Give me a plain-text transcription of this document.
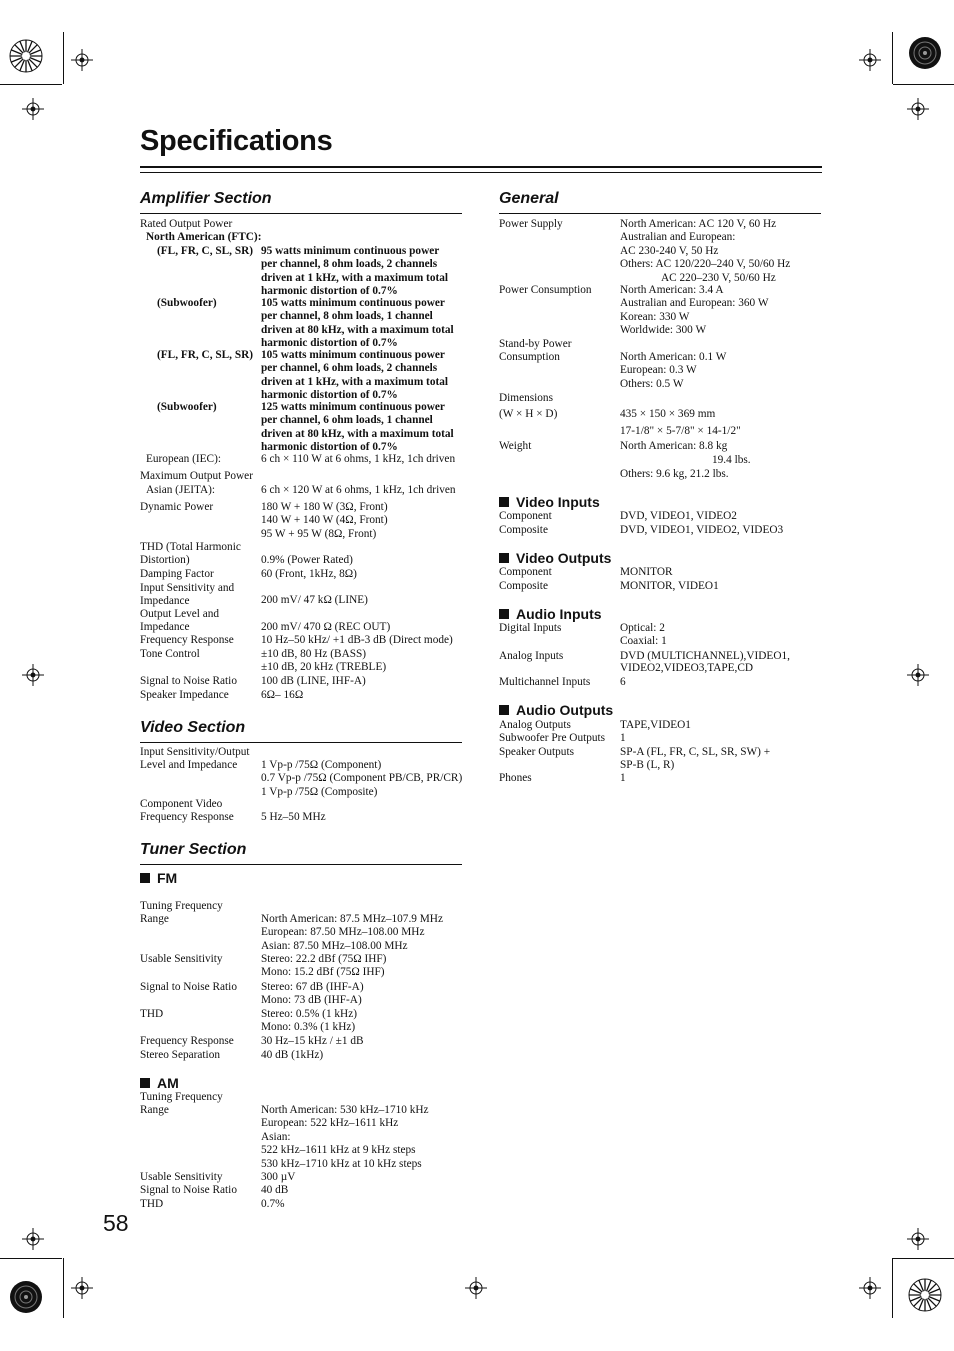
Specifications
Amplifier Section
Rated Output Power
North American (FTC):
(FL, FR, C, SL, SR) 95 watts minimum continuous power
per channel, 8 ohm loads, 2 channels
driven at 1 kHz, with a maximum total
harmonic distortion of 0.7%
(Subwoofer)	105 watts minimum continuous power
per channel, 8 ohm loads, 1 channel
driven at 80 kHz, with a maximum total
harmonic distortion of 0.7%
(FL, FR, C, SL, SR) 105 watts minimum continuous power
per channel, 6 ohm loads, 2 channels
driven at 1 kHz, with a maximum total
harmonic distortion of 0.7%
(Subwoofer)	125 watts minimum continuous power
per channel, 6 ohm loads, 1 channel
driven at 80 kHz, with a maximum total
harmonic distortion of 0.7%
European (IEC):	6 ch × 110 W at 6 ohms, 1 kHz, 1ch driven
Maximum Output Power
Asian (JEITA):	6 ch × 120 W at 6 ohms, 1 kHz, 1ch driven
Dynamic Power	180 W + 180 W (3Ω, Front)
140 W + 140 W (4Ω, Front)
95 W + 95 W (8Ω, Front)
THD (Total Harmonic
Distortion)	0.9% (Power Rated)
Damping Factor	60 (Front, 1kHz, 8Ω)
Input Sensitivity and
Impedance	200 mV/ 47 kΩ (LINE)
Output Level and
Impedance	200 mV/ 470 Ω (REC OUT)
Frequency Response 10 Hz–50 kHz/ +1 dB-3 dB (Direct mode)
Tone Control	±10 dB, 80 Hz (BASS)
±10 dB, 20 kHz (TREBLE)
Signal to Noise Ratio 100 dB (LINE, IHF-A)
Speaker Impedance	6Ω– 16Ω
Video Section
Input Sensitivity/Output
Level and Impedance	1 Vp-p /75Ω (Component)
0.7 Vp-p /75Ω (Component PB/CB, PR/CR)
1 Vp-p /75Ω (Composite)
Component Video
Frequency Response 5 Hz–50 MHz
Tuner Section
FM
Tuning Frequency
Range	North American: 87.5 MHz–107.9 MHz
European: 87.50 MHz–108.00 MHz
Asian: 87.50 MHz–108.00 MHz
Usable Sensitivity	Stereo: 22.2 dBf (75Ω IHF)
Mono: 15.2 dBf (75Ω IHF)
Signal to Noise Ratio Stereo: 67 dB (IHF-A)
Mono: 73 dB (IHF-A)
THD	Stereo: 0.5% (1 kHz)
Mono: 0.3% (1 kHz)
Frequency Response 30 Hz–15 kHz / ±1 dB
Stereo Separation	40 dB (1kHz)
AM
Tuning Frequency
Range	North American: 530 kHz–1710 kHz
European: 522 kHz–1611 kHz
Asian:
522 kHz–1611 kHz at 9 kHz steps
530 kHz–1710 kHz at 10 kHz steps
Usable Sensitivity	300 µV
Signal to Noise Ratio 40 dB
THD	0.7%
General
Power Supply	North American: AC 120 V, 60 Hz
Australian and European:
AC 230-240 V, 50 Hz
Others: AC 120/220–240 V, 50/60 Hz
AC 220–230 V, 50/60 Hz
Power Consumption	North American: 3.4 A
Australian and European: 360 W
Korean: 330 W
Worldwide: 300 W
Stand-by Power
Consumption	North American: 0.1 W
European: 0.3 W
Others: 0.5 W
Dimensions
(W × H × D)	435 × 150 × 369 mm
17-1/8" × 5-7/8" × 14-1/2"
Weight	North American: 8.8 kg
19.4 lbs.
Others: 9.6 kg, 21.2 lbs.
Video Inputs
Component	DVD, VIDEO1, VIDEO2
Composite	DVD, VIDEO1, VIDEO2, VIDEO3
Video Outputs
Component	MONITOR
Composite	MONITOR, VIDEO1
Audio Inputs
Digital Inputs	Optical: 2
Coaxial: 1
Analog Inputs	DVD (MULTICHANNEL),VIDEO1,
VIDEO2,VIDEO3,TAPE,CD
Multichannel Inputs	6
Audio Outputs
Analog Outputs	TAPE,VIDEO1
Subwoofer Pre Outputs 1
Speaker Outputs	SP-A (FL, FR, C, SL, SR, SW) +
SP-B (L, R)
Phones	1
58
